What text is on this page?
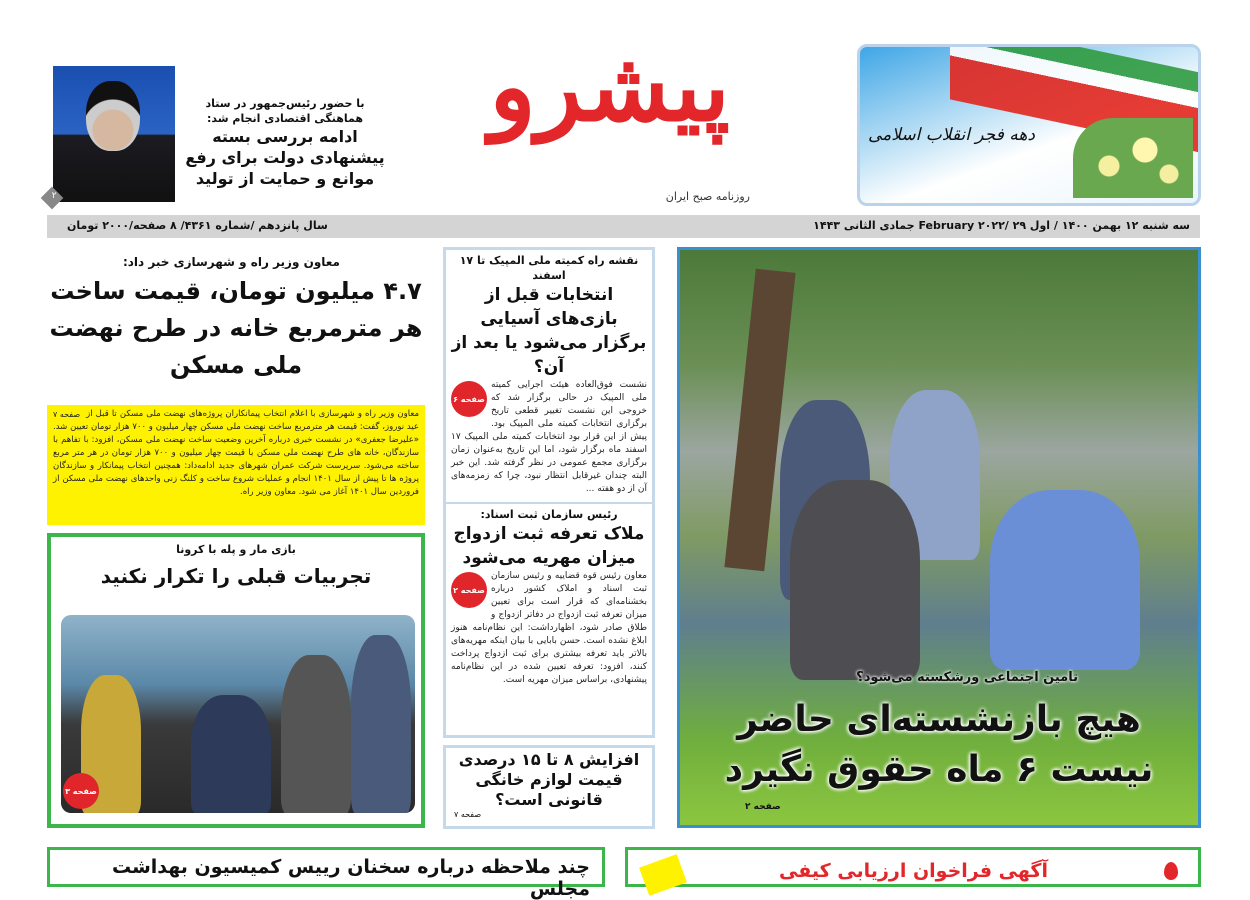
دهه فجر انقلاب اسلامی
پیشرو
روزنامه صبح ایران
۲
با حضور رئیس‌جمهور در ستاد هماهنگی اقتصادی انجام شد:
ادامه بررسی بسته پیشنهادی دولت برای رفع موانع و حمایت از تولید
سه شنبه ۱۲ بهمن ۱۴۰۰ / اول February ۲۰۲۲/ ۲۹ جمادی الثانی ۱۴۴۳
سال پانزدهم /شماره ۴۳۶۱/ ۸ صفحه/۲۰۰۰ تومان
تامین اجتماعی ورشکسته می‌شود؟
هیچ بازنشسته‌ای حاضر نیست ۶ ماه حقوق نگیرد
صفحه ۲
نقشه راه کمیته ملی المپیک تا ۱۷ اسفند
انتخابات قبل از بازی‌های آسیایی برگزار می‌شود یا بعد از آن؟
صفحه ۶
نشست فوق‌العاده هیئت اجرایی کمیته ملی المپیک در حالی برگزار شد که خروجی این نشست تغییر قطعی تاریخ برگزاری انتخابات کمیته ملی المپیک بود. پیش از این قرار بود انتخابات کمیته ملی المپیک ۱۷ اسفند ماه برگزار شود، اما این تاریخ به‌عنوان زمان برگزاری مجمع عمومی در نظر گرفته شد. این خبر البته چندان غیرقابل انتظار نبود، چرا که زمزمه‌های آن از دو هفته ...
رئیس سازمان ثبت اسناد:
ملاک تعرفه ثبت ازدواج میزان مهریه می‌شود
صفحه ۲
معاون رئیس قوه قضاییه و رئیس سازمان ثبت اسناد و املاک کشور درباره بخشنامه‌ای که قرار است برای تعیین میزان تعرفه ثبت ازدواج در دفاتر ازدواج و طلاق صادر شود، اظهارداشت: این نظام‌نامه هنوز ابلاغ نشده است. حسن بابایی با بیان اینکه مهریه‌های بالاتر باید تعرفه بیشتری برای ثبت ازدواج پرداخت کنند، افزود: تعرفه تعیین شده در این نظام‌نامه پیشنهادی، براساس میزان مهریه است.
افزایش ۸ تا ۱۵ درصدی قیمت لوازم خانگی قانونی است؟
صفحه ۷
معاون وزیر راه و شهرسازی خبر داد:
۴.۷ میلیون تومان، قیمت ساخت هر مترمربع خانه در طرح نهضت ملی مسکن
صفحه ۷ معاون وزیر راه و شهرسازی با اعلام انتخاب پیمانکاران پروژه‌های نهضت ملی مسکن تا قبل از عید نوروز، گفت: قیمت هر مترمربع ساخت نهضت ملی مسکن چهار میلیون و ۷۰۰ هزار تومان تعیین شد. «علیرضا جعفری» در نشست خبری درباره آخرین وضعیت ساخت نهضت ملی مسکن، افزود: با تفاهم با سازندگان، خانه های طرح نهضت ملی مسکن با قیمت چهار میلیون و ۷۰۰ هزار تومان در هر متر مربع ساخته می‌شود. سرپرست شرکت عمران شهرهای جدید ادامه‌داد: همچنین انتخاب پیمانکار و سازندگان پروژه ها تا پیش از سال ۱۴۰۱ انجام و عملیات شروع ساخت و کلنگ زنی واحدهای نهضت ملی مسکن از فروردین سال ۱۴۰۱ آغاز می شود. معاون وزیر راه.
بازی مار و پله با کرونا
تجربیات قبلی را تکرار نکنید
صفحه ۳
چند ملاحظه درباره سخنان رییس کمیسیون بهداشت مجلس
آگهی فراخوان ارزیابی کیفی
